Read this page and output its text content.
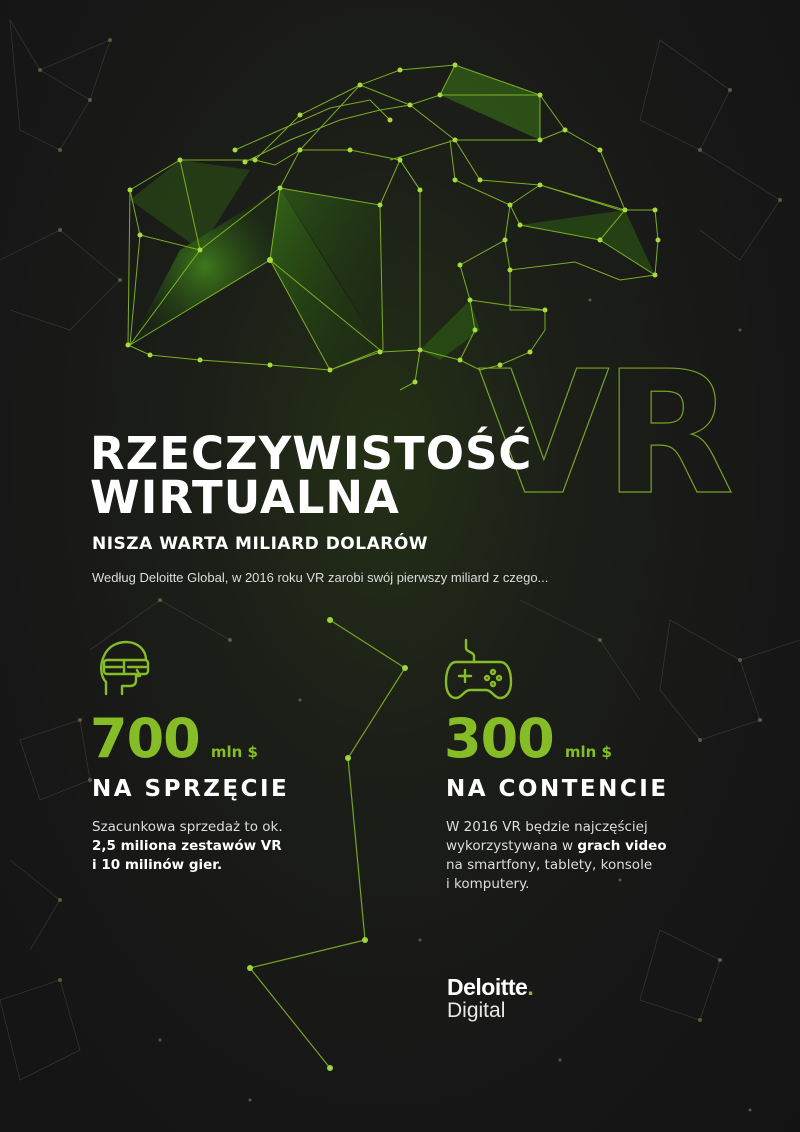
VR
RZECZYWISTOŚĆ
WIRTUALNA
NISZA WARTA MILIARD DOLARÓW
Według Deloitte Global, w 2016 roku VR zarobi swój pierwszy miliard z czego...
700 mln $
NA SPRZĘCIE
Szacunkowa sprzedaż to ok.
2,5 miliona zestawów VR
i 10 milinów gier.
300 mln $
NA CONTENCIE
W 2016 VR będzie najczęściej
wykorzystywana w grach video
na smartfony, tablety, konsole
i komputery.
Deloitte.
Digital
